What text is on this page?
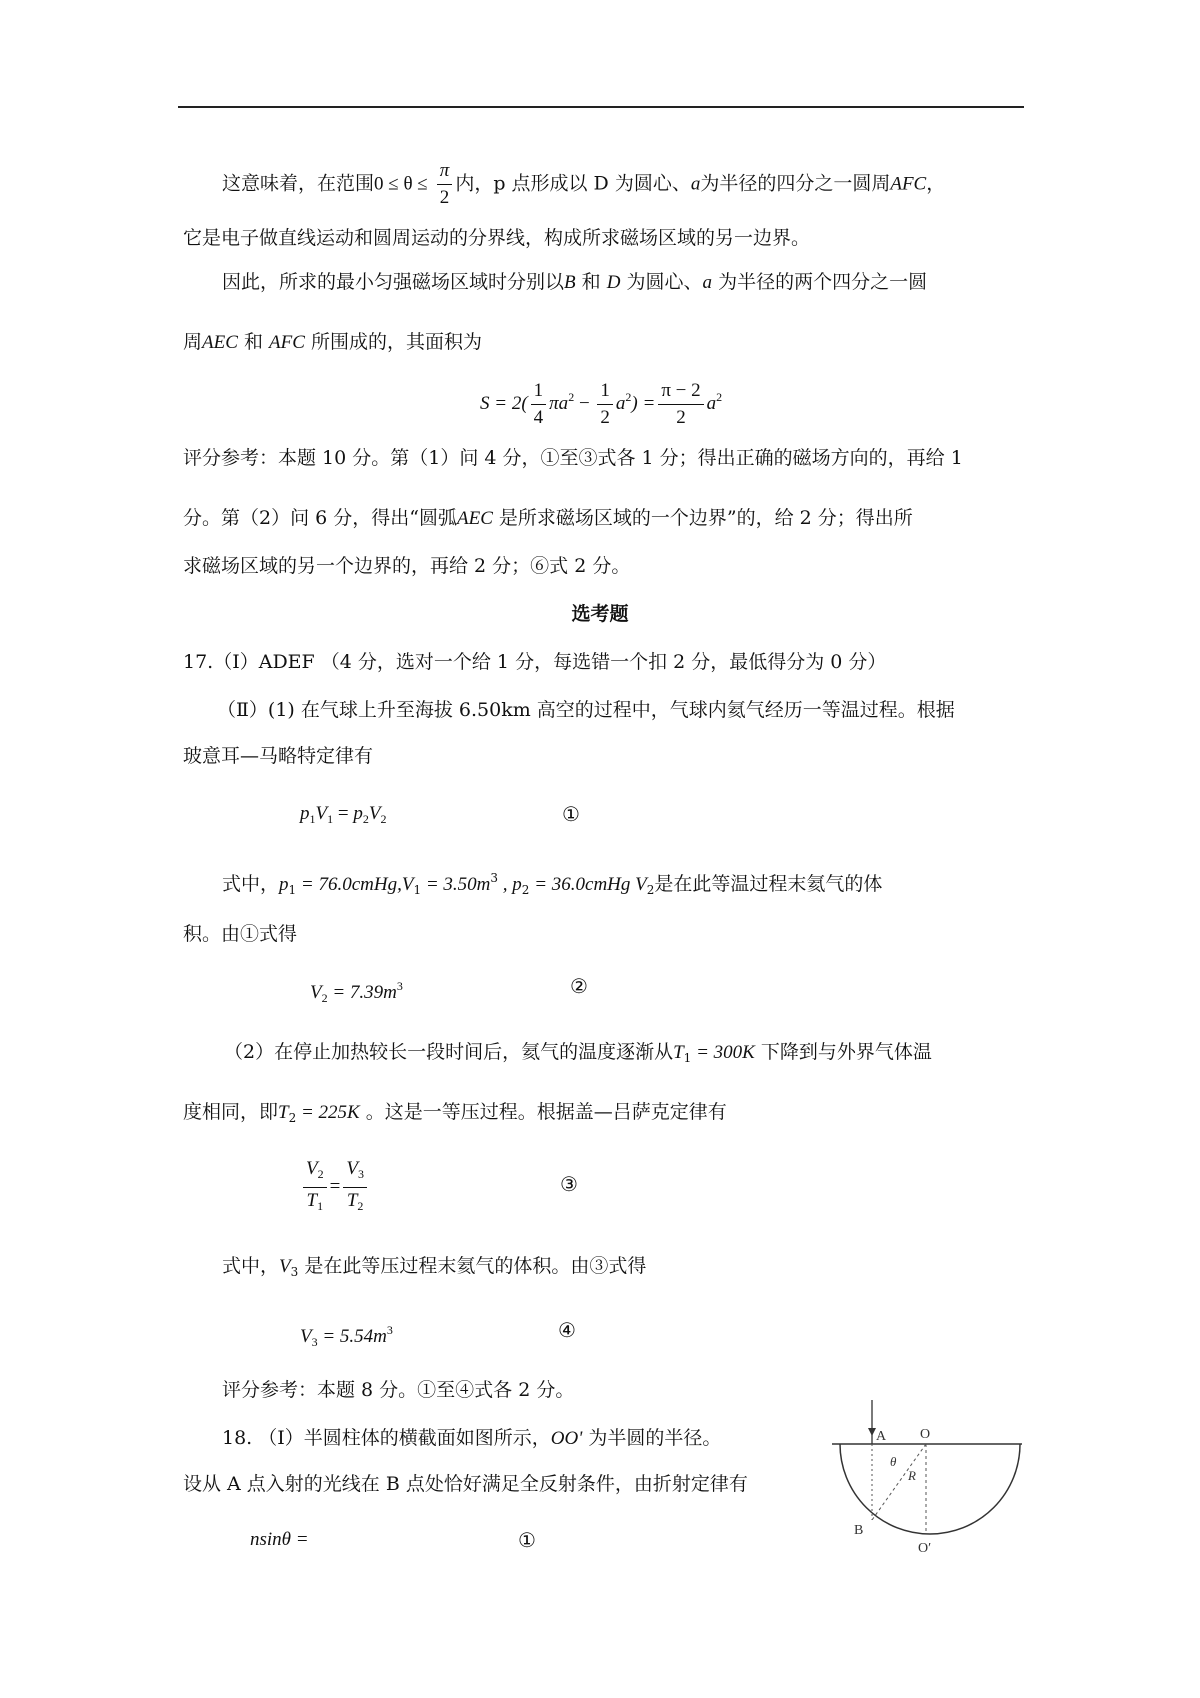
这意味着，在范围$0 \le \theta \le \frac{\pi}{2}$ 内，p 点形成以 D 为圆心、a为半径的四分之一圆周AFC，
它是电子做直线运动和圆周运动的分界线，构成所求磁场区域的另一边界。
因此，所求的最小匀强磁场区域时分别以B 和 D 为圆心、a 为半径的两个四分之一圆
周AEC 和 AFC 所围成的，其面积为
$S = 2( \frac{1}{4} \pi a^2 - \frac{1}{2} a^2) = \frac{\pi - 2}{2} a^2$
评分参考：本题 10 分。第（1）问 4 分，①至③式各 1 分；得出正确的磁场方向的，再给 1
分。第（2）问 6 分，得出“圆弧AEC 是所求磁场区域的一个边界”的，给 2 分；得出所
求磁场区域的另一个边界的，再给 2 分；⑥式 2 分。
选考题
17.（Ⅰ）ADEF （4 分，选对一个给 1 分，每选错一个扣 2 分，最低得分为 0 分）
（Ⅱ）(1) 在气球上升至海拔 6.50km 高空的过程中，气球内氦气经历一等温过程。根据
玻意耳—马略特定律有
$p_1V_1 = p_2V_2$	①
式中，$p_1$ = $76.0cmHg,V_1 = 3.50m^3$ , $p_2$ = 36.0cmHg $V_2$是在此等温过程末氦气的体
积。由①式得
$V_2 = 7.39m^3$	②
（2）在停止加热较长一段时间后，氦气的温度逐渐从$T_1 = 300K$ 下降到与外界气体温
度相同，即$T_2 = 225K$ 。这是一等压过程。根据盖—吕萨克定律有
$\frac{V_2}{T_1} = \frac{V_3}{T_2}$	③
式中，$V_3$ 是在此等压过程末氦气的体积。由③式得
$V_3 = 5.54m^3$	④
评分参考：本题 8 分。①至④式各 2 分。
18. （Ⅰ）半圆柱体的横截面如图所示，OO' 为半圆的半径。
设从 A 点入射的光线在 B 点处恰好满足全反射条件，由折射定律有
nsinθ =	①
A O
θ
R
B
O′
